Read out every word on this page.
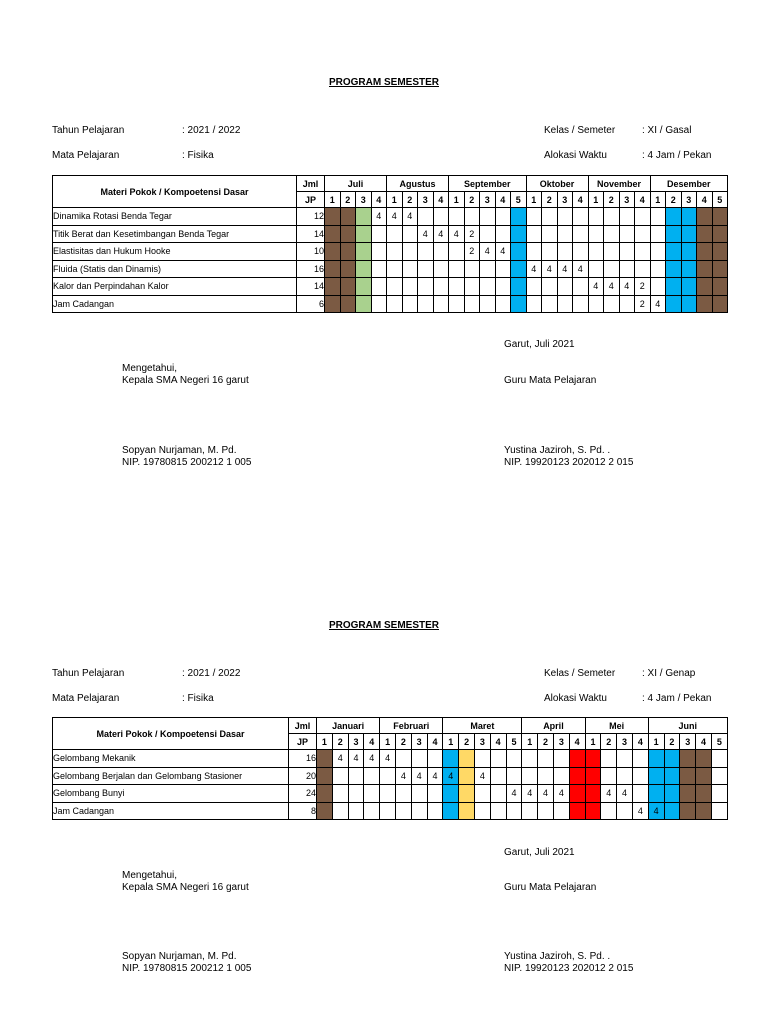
PROGRAM SEMESTER
Tahun Pelajaran	: 2021 / 2022
Mata Pelajaran	: Fisika
Kelas / Semeter	: XI / Gasal
Alokasi Waktu	: 4 Jam / Pekan
Materi Pokok / Kompoetensi Dasar	Jml	Juli				Agustus				September					Oktober				November				Desember				
	JP	1	2	3	4	1	2	3	4	1	2	3	4	5	1	2	3	4	1	2	3	4	1	2	3	4	5
Dinamika Rotasi Benda Tegar	12				4	4	4																				
Titik Berat dan Kesetimbangan Benda Tegar	14							4	4	4	2																
Elastisitas dan Hukum Hooke	10										2	4	4														
Fluida (Statis dan Dinamis)	16														4	4	4	4									
Kalor dan Perpindahan Kalor	14																		4	4	4	2					
Jam Cadangan	6																					2	4				
Garut, Juli 2021
Mengetahui,
Kepala SMA Negeri 16 garut	Guru Mata Pelajaran
Sopyan Nurjaman, M. Pd.
NIP. 19780815 200212 1 005
Yustina Jaziroh, S. Pd. .
NIP. 19920123 202012 2 015
PROGRAM SEMESTER
Tahun Pelajaran	: 2021 / 2022
Mata Pelajaran	: Fisika
Kelas / Semeter	: XI / Genap
Alokasi Waktu	: 4 Jam / Pekan
Materi Pokok / Kompoetensi Dasar	Jml	Januari				Februari				Maret					April				Mei				Juni				
	JP	1	2	3	4	1	2	3	4	1	2	3	4	5	1	2	3	4	1	2	3	4	1	2	3	4	5
Gelombang Mekanik	16		4	4	4	4																					
Gelombang Berjalan dan Gelombang Stasioner	20						4	4	4	4		4															
Gelombang Bunyi	24													4	4	4	4			4	4						
Jam Cadangan	8																					4	4				
Garut, Juli 2021
Mengetahui,
Kepala SMA Negeri 16 garut	Guru Mata Pelajaran
Sopyan Nurjaman, M. Pd.
NIP. 19780815 200212 1 005
Yustina Jaziroh, S. Pd. .
NIP. 19920123 202012 2 015
